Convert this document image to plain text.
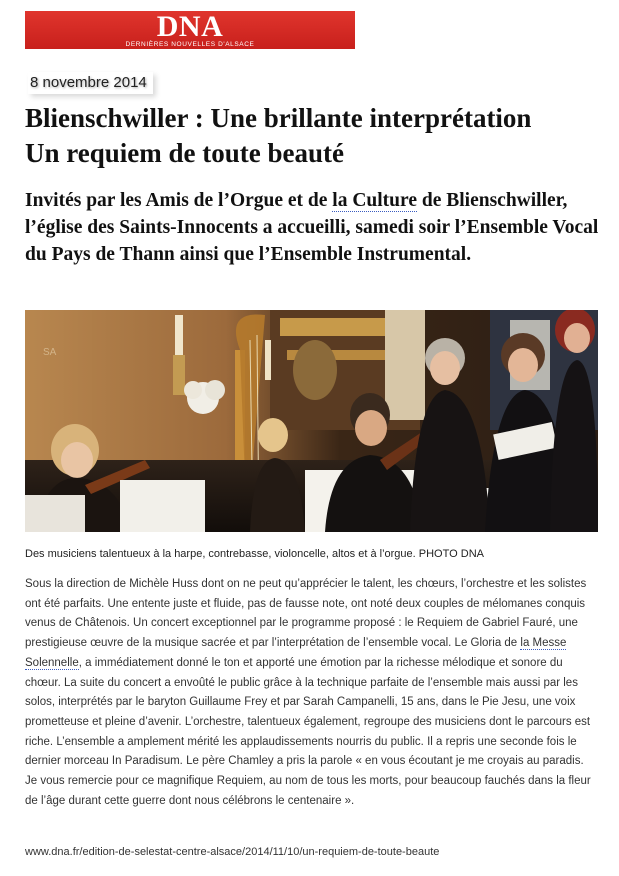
DNA
DERNIÈRES NOUVELLES D'ALSACE
8 novembre 2014
Blienschwiller : Une brillante interprétation
Un requiem de toute beauté

Invités par les Amis de l’Orgue et de la Culture de Blienschwiller, l’église des Saints-Innocents a accueilli, samedi soir l’Ensemble Vocal du Pays de Thann ainsi que l’Ensemble Instrumental.

SA
Des musiciens talentueux à la harpe, contrebasse, violoncelle, altos et à l’orgue. PHOTO DNA

Sous la direction de Michèle Huss dont on ne peut qu’apprécier le talent, les chœurs, l’orchestre et les solistes ont été parfaits. Une entente juste et fluide, pas de fausse note, ont noté deux couples de mélomanes conquis venus de Châtenois. Un concert exceptionnel par le programme proposé : le Requiem de Gabriel Fauré, une prestigieuse œuvre de la musique sacrée et par l’interprétation de l’ensemble vocal. Le Gloria de la Messe Solennelle, a immédiatement donné le ton et apporté une émotion par la richesse mélodique et sonore du chœur. La suite du concert a envoûté le public grâce à la technique parfaite de l’ensemble mais aussi par les solos, interprétés par le baryton Guillaume Frey et par Sarah Campanelli, 15 ans, dans le Pie Jesu, une voix prometteuse et pleine d’avenir. L’orchestre, talentueux également, regroupe des musiciens dont le parcours est riche. L’ensemble a amplement mérité les applaudissements nourris du public. Il a repris une seconde fois le dernier morceau In Paradisum. Le père Chamley a pris la parole « en vous écoutant je me croyais au paradis. Je vous remercie pour ce magnifique Requiem, au nom de tous les morts, pour beaucoup fauchés dans la fleur de l’âge durant cette guerre dont nous célébrons le centenaire ».

www.dna.fr/edition-de-selestat-centre-alsace/2014/11/10/un-requiem-de-toute-beaute
